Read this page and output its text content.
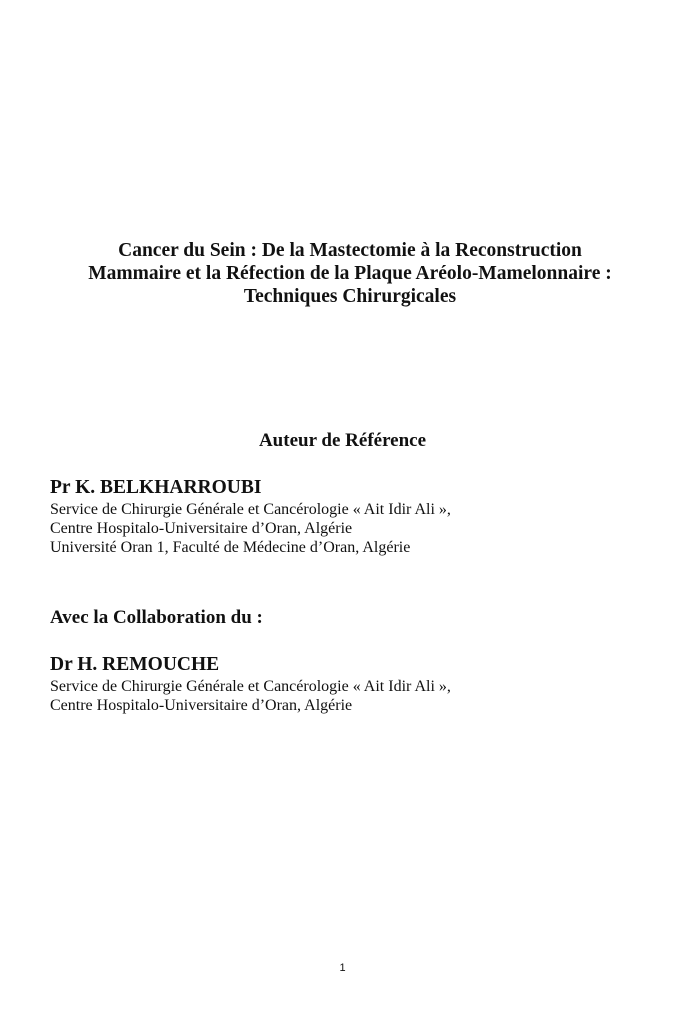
Cancer du Sein : De la Mastectomie à la Reconstruction
Mammaire et la Réfection de la Plaque Aréolo-Mamelonnaire :
Techniques Chirurgicales
Auteur de Référence
Pr K. BELKHARROUBI
Service de Chirurgie Générale et Cancérologie « Ait Idir Ali »,
Centre Hospitalo-Universitaire d’Oran, Algérie
Université Oran 1, Faculté de Médecine d’Oran, Algérie
Avec la Collaboration du :
Dr H. REMOUCHE
Service de Chirurgie Générale et Cancérologie « Ait Idir Ali »,
Centre Hospitalo-Universitaire d’Oran, Algérie
1
